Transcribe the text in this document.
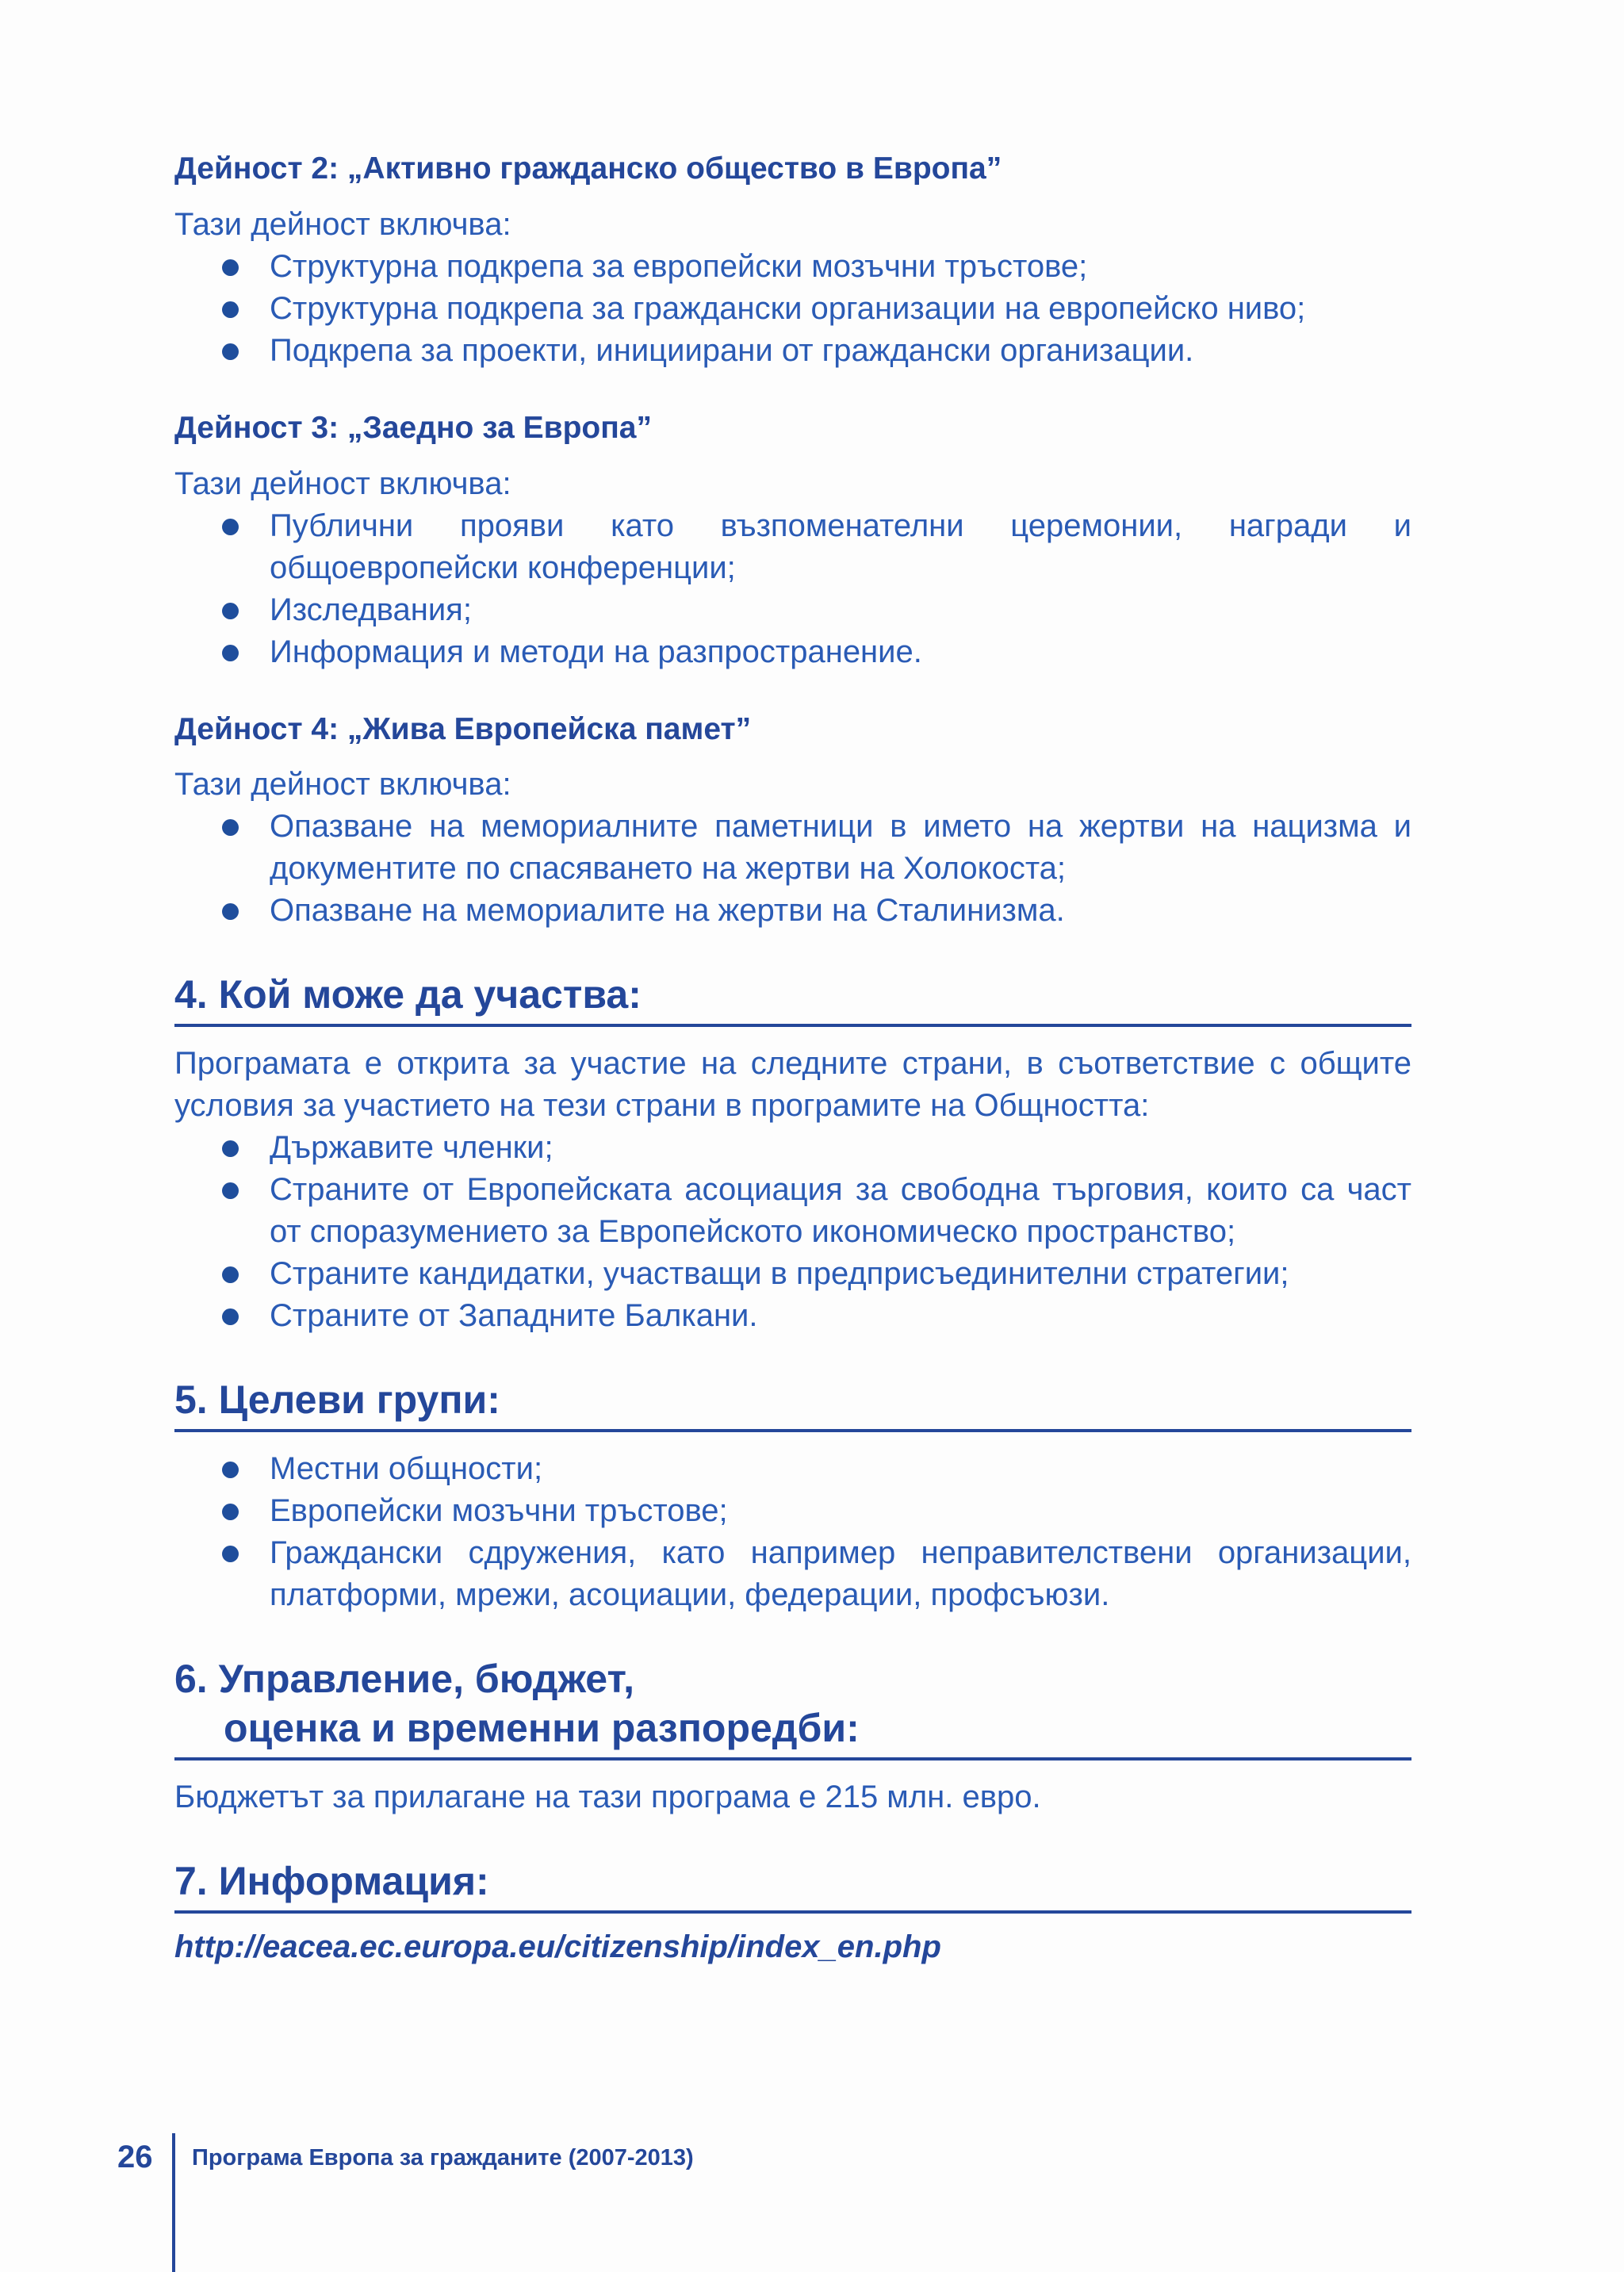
Дейност 2: „Активно гражданско общество в Европа”

Тази дейност включва:

Структурна подкрепа за европейски мозъчни тръстове;
Структурна подкрепа за граждански организации на европейско ниво;
Подкрепа за проекти, инициирани от граждански организации.
Дейност 3: „Заедно за Европа”

Тази дейност включва:

Публични прояви като възпоменателни церемонии, награди и общоевропейски конференции;
Изследвания;
Информация и методи на разпространение.
Дейност 4: „Жива Европейска памет”

Тази дейност включва:

Опазване на мемориалните паметници в името на жертви на нацизма и документите по спасяването на жертви на Холокоста;
Опазване на мемориалите на жертви на Сталинизма.
4. Кой може да участва:

Програмата е открита за участие на следните страни, в съответствие с общите условия за участието на тези страни в програмите на Общността:

Държавите членки;
Страните от Европейската асоциация за свободна търговия, които са част от споразумението за Европейското икономическо пространство;
Страните кандидатки, участващи в предприсъединителни стратегии;
Страните от Западните Балкани.
5. Целеви групи:
Местни общности;
Европейски мозъчни тръстове;
Граждански сдружения, като например неправителствени организации, платформи, мрежи, асоциации, федерации, профсъюзи.
6. Управление, бюджет,
оценка и временни разпоредби:

Бюджетът за прилагане на тази програма е 215 млн. евро.

7. Информация:

http://eacea.ec.europa.eu/citizenship/index_en.php

26 Програма Европа за гражданите (2007-2013)
